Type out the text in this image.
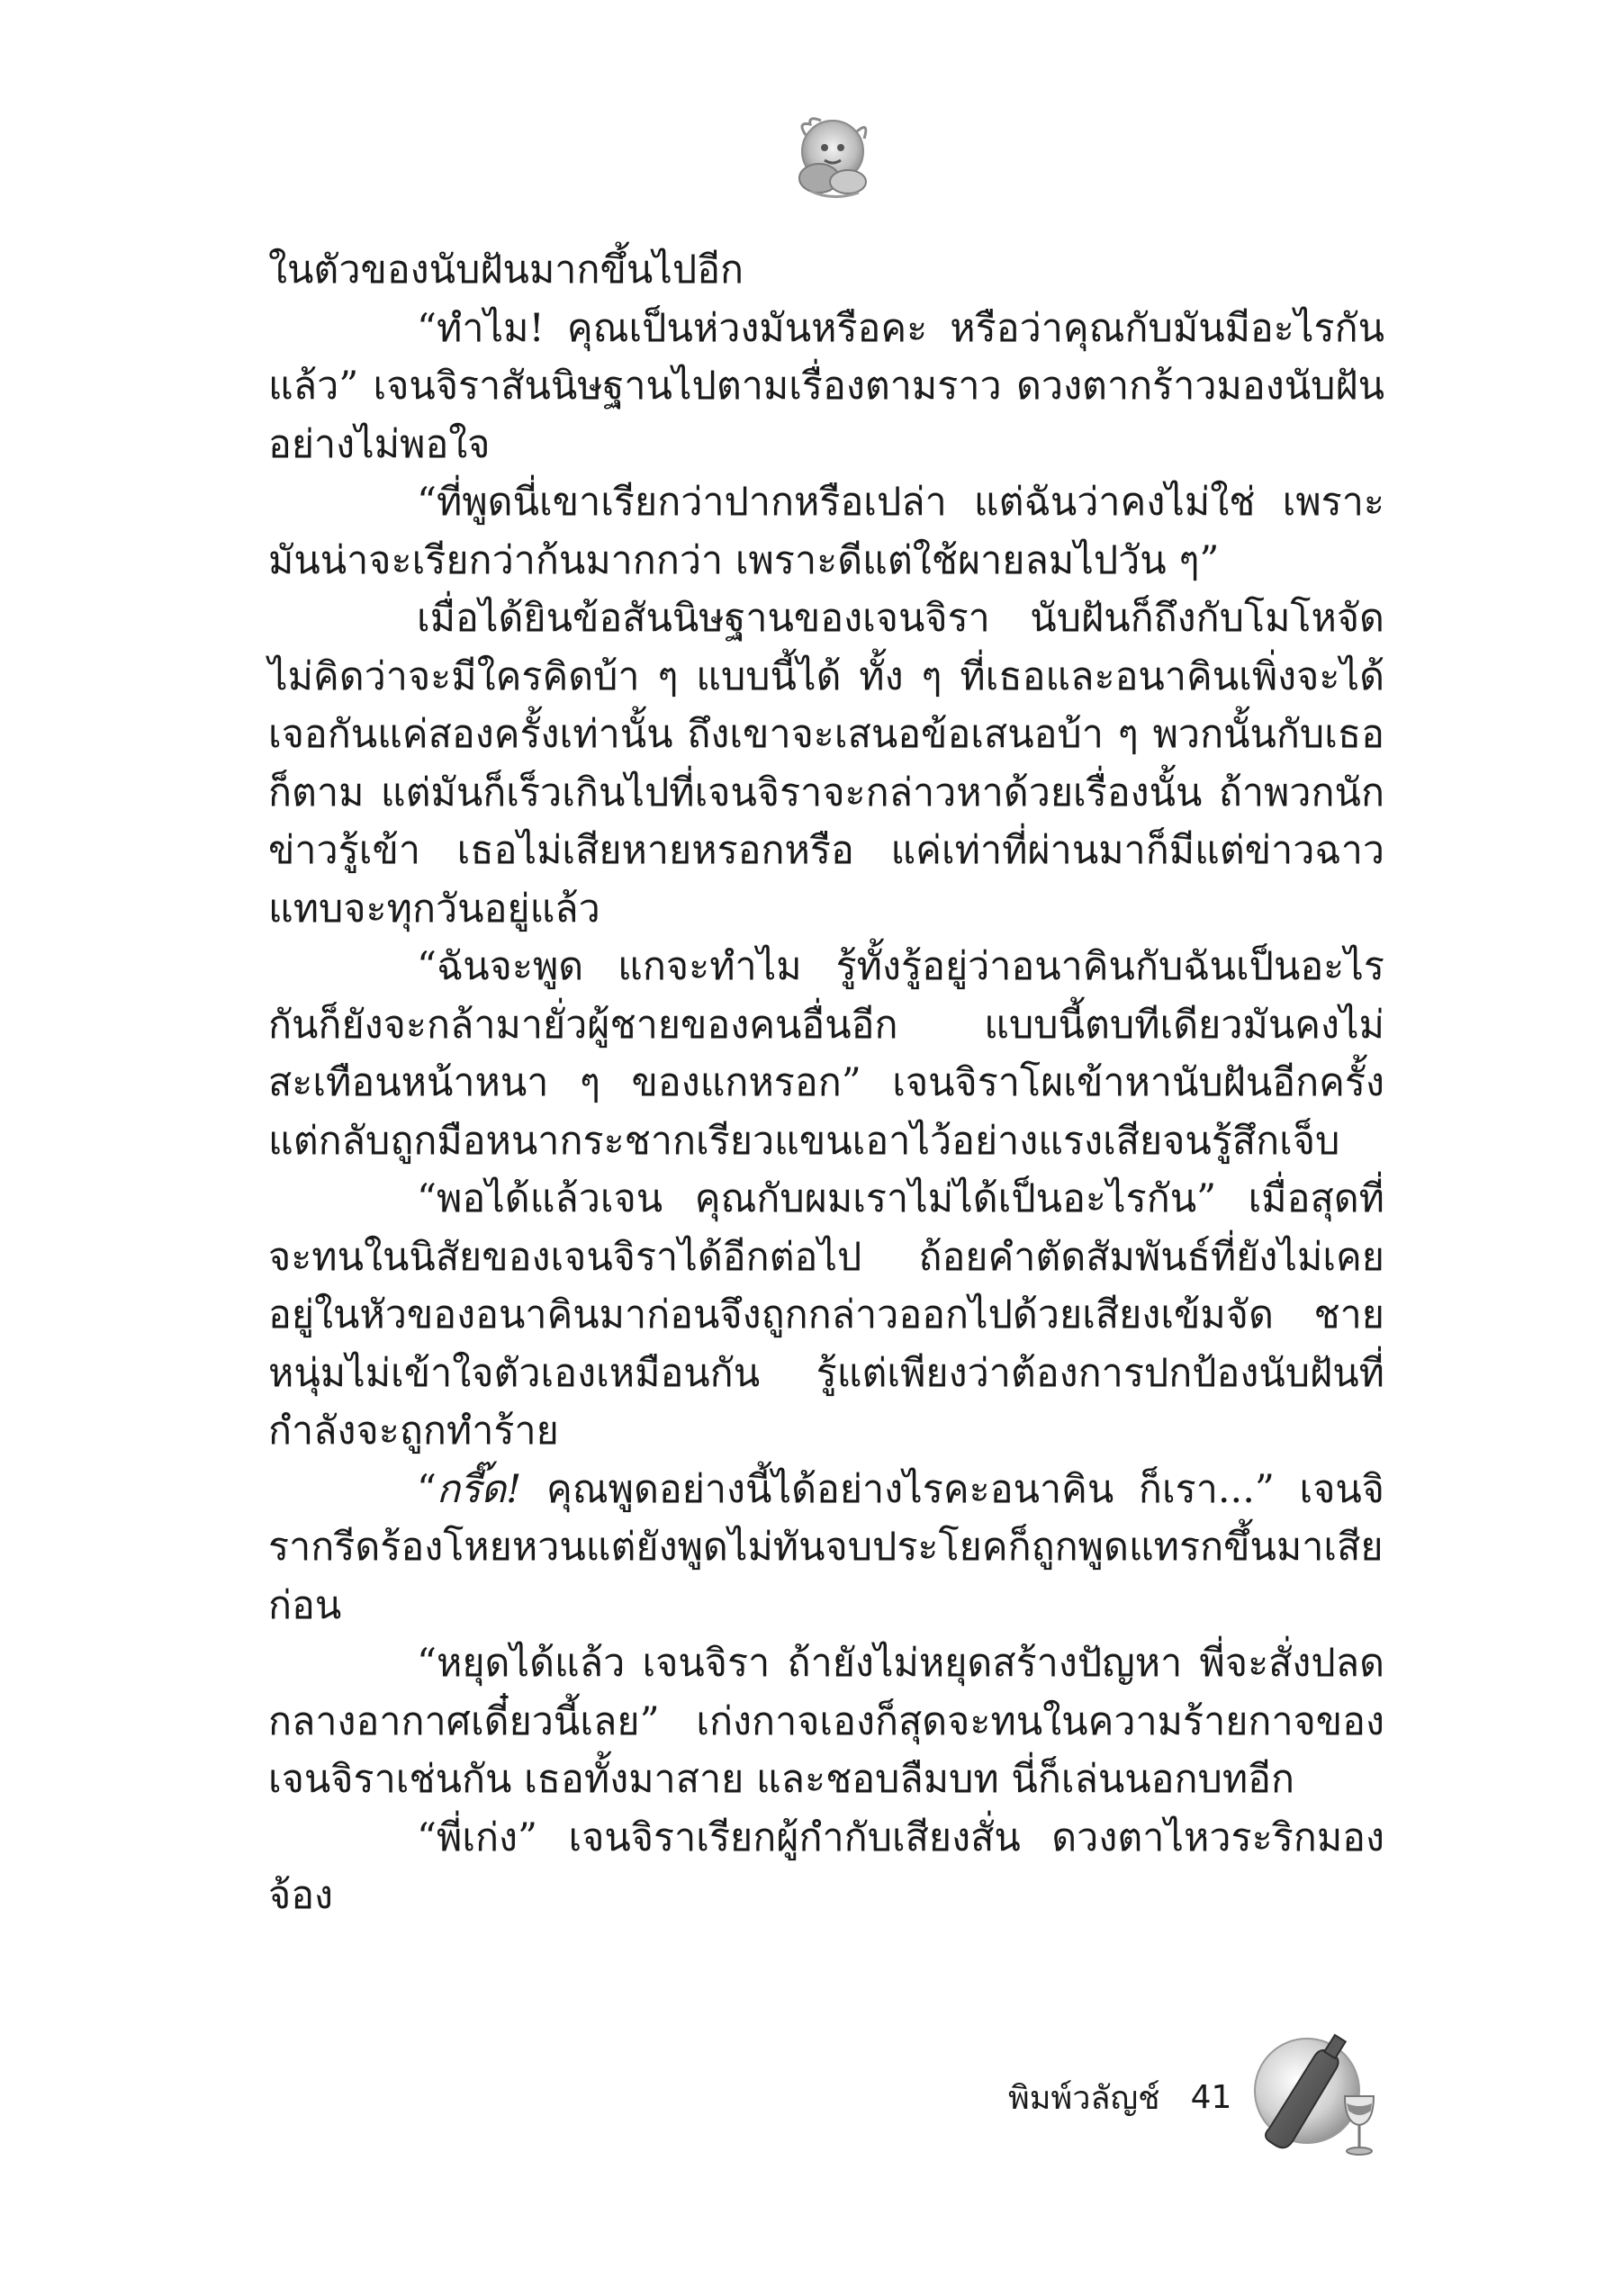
ในตัวของนับฝันมากขึ้นไปอีก

“ทำไม! คุณเป็นห่วงมันหรือคะ หรือว่าคุณกับมันมีอะไรกันแล้ว” เจนจิราสันนิษฐานไปตามเรื่องตามราว ดวงตากร้าวมองนับฝันอย่างไม่พอใจ

“ที่พูดนี่เขาเรียกว่าปากหรือเปล่า แต่ฉันว่าคงไม่ใช่ เพราะมันน่าจะเรียกว่าก้นมากกว่า เพราะดีแต่ใช้ผายลมไปวัน ๆ”

เมื่อได้ยินข้อสันนิษฐานของเจนจิรา นับฝันก็ถึงกับโมโหจัด ไม่คิดว่าจะมีใครคิดบ้า ๆ แบบนี้ได้ ทั้ง ๆ ที่เธอและอนาคินเพิ่งจะได้เจอกันแค่สองครั้งเท่านั้น ถึงเขาจะเสนอข้อเสนอบ้า ๆ พวกนั้นกับเธอก็ตาม แต่มันก็เร็วเกินไปที่เจนจิราจะกล่าวหาด้วยเรื่องนั้น ถ้าพวกนักข่าวรู้เข้า เธอไม่เสียหายหรอกหรือ แค่เท่าที่ผ่านมาก็มีแต่ข่าวฉาวแทบจะทุกวันอยู่แล้ว

“ฉันจะพูด แกจะทำไม รู้ทั้งรู้อยู่ว่าอนาคินกับฉันเป็นอะไรกันก็ยังจะกล้ามายั่วผู้ชายของคนอื่นอีก แบบนี้ตบทีเดียวมันคงไม่สะเทือนหน้าหนา ๆ ของแกหรอก” เจนจิราโผเข้าหานับฝันอีกครั้ง แต่กลับถูกมือหนากระชากเรียวแขนเอาไว้อย่างแรงเสียจนรู้สึกเจ็บ

“พอได้แล้วเจน คุณกับผมเราไม่ได้เป็นอะไรกัน” เมื่อสุดที่จะทนในนิสัยของเจนจิราได้อีกต่อไป ถ้อยคำตัดสัมพันธ์ที่ยังไม่เคยอยู่ในหัวของอนาคินมาก่อนจึงถูกกล่าวออกไปด้วยเสียงเข้มจัด ชายหนุ่มไม่เข้าใจตัวเองเหมือนกัน รู้แต่เพียงว่าต้องการปกป้องนับฝันที่กำลังจะถูกทำร้าย

“กรี๊ด! คุณพูดอย่างนี้ได้อย่างไรคะอนาคิน ก็เรา...” เจนจิรากรีดร้องโหยหวนแต่ยังพูดไม่ทันจบประโยคก็ถูกพูดแทรกขึ้นมาเสียก่อน

“หยุดได้แล้ว เจนจิรา ถ้ายังไม่หยุดสร้างปัญหา พี่จะสั่งปลดกลางอากาศเดี๋ยวนี้เลย” เก่งกาจเองก็สุดจะทนในความร้ายกาจของเจนจิราเช่นกัน เธอทั้งมาสาย และชอบลืมบท นี่ก็เล่นนอกบทอีก

“พี่เก่ง” เจนจิราเรียกผู้กำกับเสียงสั่น ดวงตาไหวระริกมองจ้อง

พิมพ์วลัญช์ 41
